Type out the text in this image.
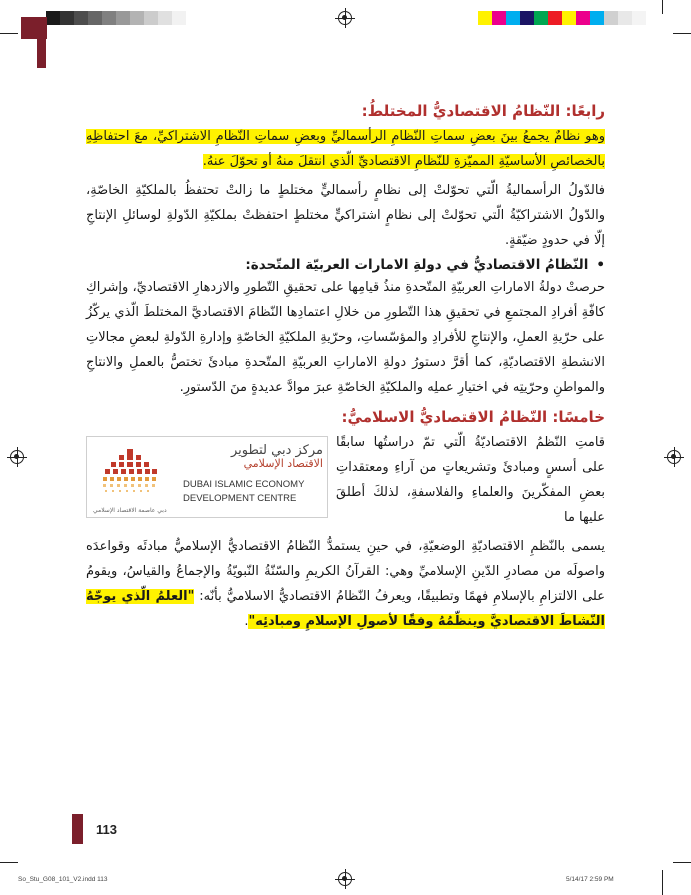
رابعًا: النّظامُ الاقتصاديُّ المختلطُ:

وهو نظامٌ يجمعُ بينَ بعضِ سماتِ النّظامِ الرأسماليِّ وبعضِ سماتِ النّظامِ الاشتراكيِّ، معَ احتفاظِهِ بالخصائصِ الأساسيّةِ المميّزةِ للنّظامِ الاقتصاديِّ الّذي انتقلَ منهُ أو تحوّلَ عنهُ.

فالدّولُ الرأسماليةُ الّتي تحوّلتْ إلى نظامٍ رأسماليٍّ مختلطٍ ما زالتْ تحتفظُ بالملكيّةِ الخاصّةِ، والدّولُ الاشتراكيّةُ الّتي تحوّلتْ إلى نظامٍ اشتراكيٍّ مختلطٍ احتفظتْ بملكيّةِ الدّولةِ لوسائلِ الإنتاجِ إلّا في حدودٍ ضيّقةٍ.

• النّظامُ الاقتصاديُّ في دولةِ الامارات العربيّة المتّحدة:

حرصتْ دولةُ الاماراتِ العربيّةِ المتّحدةِ منذُ قيامِها على تحقيقِ التّطورِ والازدهارِ الاقتصاديِّ، وإشراكِ كافّةِ أفرادِ المجتمعِ في تحقيقِ هذا التّطورِ من خلالِ اعتمادِها النّظامَ الاقتصاديَّ المختلطَ الّذي يركّزُ على حرّيةِ العملِ، والإنتاجِ للأفرادِ والمؤسّساتِ، وحرّيةِ الملكيّةِ الخاصّةِ وإدارةِ الدّولةِ لبعضِ مجالاتِ الانشطةِ الاقتصاديّةِ، كما أقرَّ دستورُ دولةِ الاماراتِ العربيّةِ المتّحدةِ مبادئَ تختصُّ بالعملِ والانتاجِ والمواطنِ وحرّيتِه في اختيارِ عملِه والملكيّةِ الخاصّةِ عبرَ موادَّ عديدةٍ منَ الدّستورِ.

خامسًا: النّظامُ الاقتصاديُّ الاسلاميُّ:
مركز دبي لتطوير
الاقتصاد الإسلامي
DUBAI ISLAMIC ECONOMY
DEVELOPMENT CENTRE
دبي عاصمة الاقتصاد الإسلامي

قامتِ النّظمُ الاقتصاديّةُ الّتي تمّ دراستُها سابقًا على أسسٍ ومبادئَ وتشريعاتٍ من آراءِ ومعتقداتِ بعضِ المفكّرينَ والعلماءِ والفلاسفةِ، لذلكَ أطلقَ عليها ما

يسمى بالنّظمِ الاقتصاديّةِ الوضعيّةِ، في حينِ يستمدُّ النّظامُ الاقتصاديُّ الإسلاميُّ مبادئَه وقواعدَه واصولَه من مصادرِ الدّينِ الإسلاميِّ وهي: القرآنُ الكريمِ والسّنّةُ النّبويّةُ والإجماعُ والقياسُ، ويقومُ على الالتزامِ بالإسلامِ فهمًا وتطبيقًا، ويعرفُ النّظامُ الاقتصاديُّ الاسلاميُّ بأنّه: "العلمُ الّذي يوجّهُ النّشاطَ الاقتصاديَّ وينظّمُهُ وفقًا لأصولِ الإسلامِ ومبادئِه".

113
So_Stu_G08_101_V2.indd 113	5/14/17 2:59 PM
